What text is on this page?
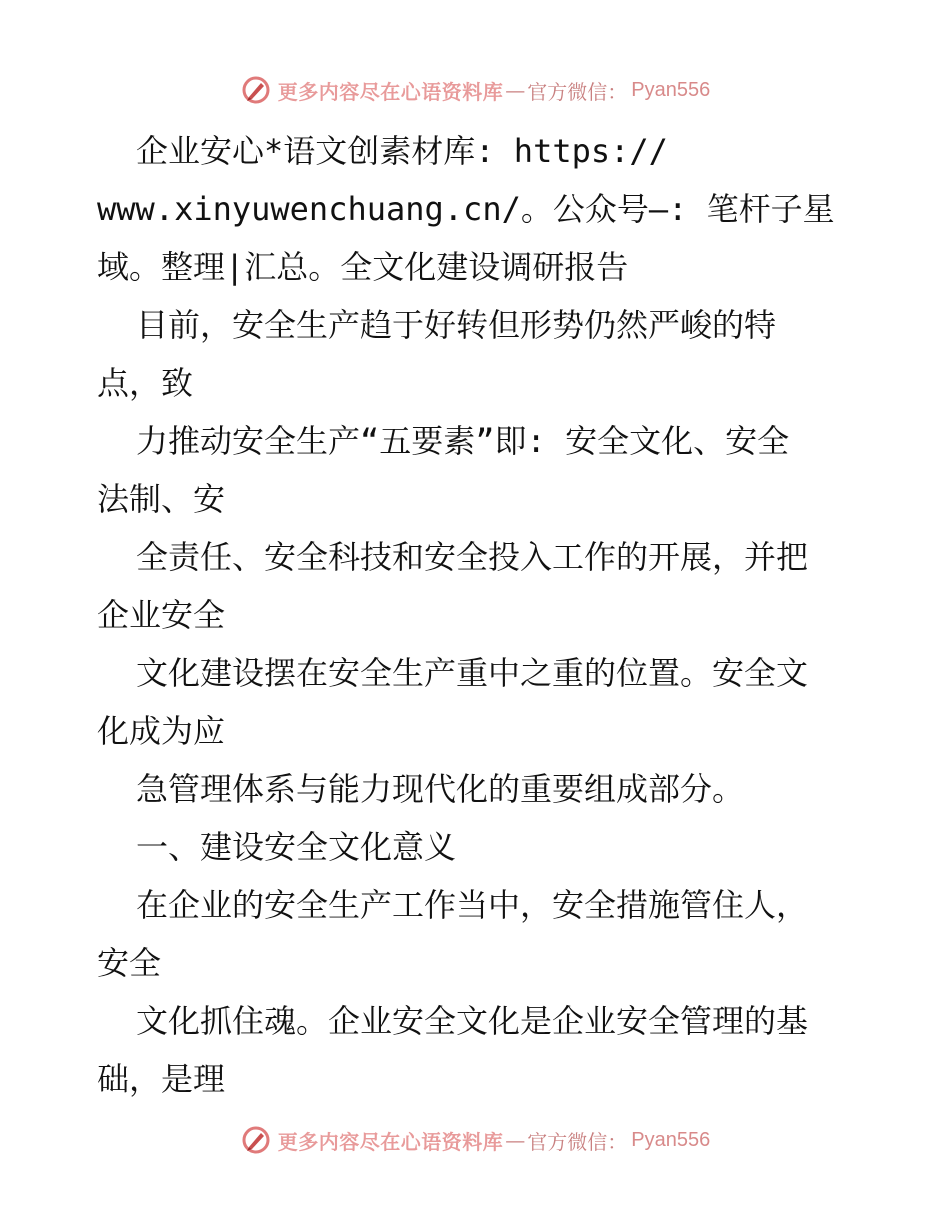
更多内容尽在心语资料库 — 官方微信： Pyan556
企业安心*语文创素材库: https://
www.xinyuwenchuang.cn/。公众号—: 笔杆子星
域。整理|汇总。全文化建设调研报告
目前，安全生产趋于好转但形势仍然严峻的特
点，致
力推动安全生产“五要素”即: 安全文化、安全
法制、安
全责任、安全科技和安全投入工作的开展，并把
企业安全
文化建设摆在安全生产重中之重的位置。安全文
化成为应
急管理体系与能力现代化的重要组成部分。
一、建设安全文化意义
在企业的安全生产工作当中，安全措施管住人，
安全
文化抓住魂。企业安全文化是企业安全管理的基
础，是理
更多内容尽在心语资料库 — 官方微信： Pyan556
